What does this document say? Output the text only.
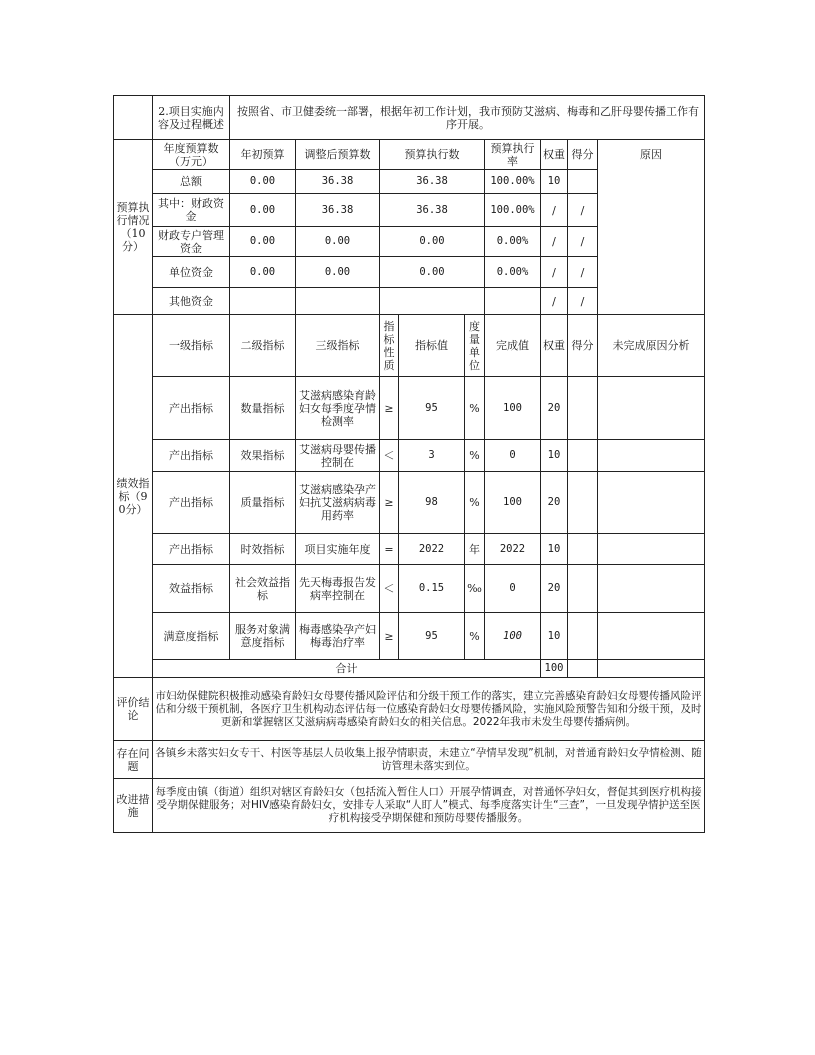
	2.项目实施内容及过程概述	按照省、市卫健委统一部署，根据年初工作计划，我市预防艾滋病、梅毒和乙肝母婴传播工作有序开展。								
预算执行情况（10分）	年度预算数（万元）	年初预算	调整后预算数	预算执行数			预算执行率	权重	得分	原因
	总额	0.00	36.38	36.38			100.00%	10		
	其中：财政资金	0.00	36.38	36.38			100.00%	/	/	
	财政专户管理资金	0.00	0.00	0.00			0.00%	/	/	
	单位资金	0.00	0.00	0.00			0.00%	/	/	
	其他资金							/	/	
绩效指标（90分）	一级指标	二级指标	三级指标	指标性质	指标值	度量单位	完成值	权重	得分	未完成原因分析
	产出指标	数量指标	艾滋病感染育龄妇女每季度孕情检测率	≥	95	%	100	20		
	产出指标	效果指标	艾滋病母婴传播控制在	＜	3	%	0	10		
	产出指标	质量指标	艾滋病感染孕产妇抗艾滋病病毒用药率	≥	98	%	100	20		
	产出指标	时效指标	项目实施年度	=	2022	年	2022	10		
	效益指标	社会效益指标	先天梅毒报告发病率控制在	＜	0.15	‰	0	20		
	满意度指标	服务对象满意度指标	梅毒感染孕产妇梅毒治疗率	≥	95	%	100	10		
	合计							100		
评价结论	市妇幼保健院积极推动感染育龄妇女母婴传播风险评估和分级干预工作的落实，建立完善感染育龄妇女母婴传播风险评估和分级干预机制，各医疗卫生机构动态评估每一位感染育龄妇女母婴传播风险，实施风险预警告知和分级干预，及时更新和掌握辖区艾滋病病毒感染育龄妇女的相关信息。2022年我市未发生母婴传播病例。									
存在问题	各镇乡未落实妇女专干、村医等基层人员收集上报孕情职责，未建立“孕情早发现”机制，对普通育龄妇女孕情检测、随访管理未落实到位。									
改进措施	每季度由镇（街道）组织对辖区育龄妇女（包括流入暂住人口）开展孕情调查，对普通怀孕妇女，督促其到医疗机构接受孕期保健服务；对HIV感染育龄妇女，安排专人采取“人盯人”模式、每季度落实计生“三查”，一旦发现孕情护送至医疗机构接受孕期保健和预防母婴传播服务。									
